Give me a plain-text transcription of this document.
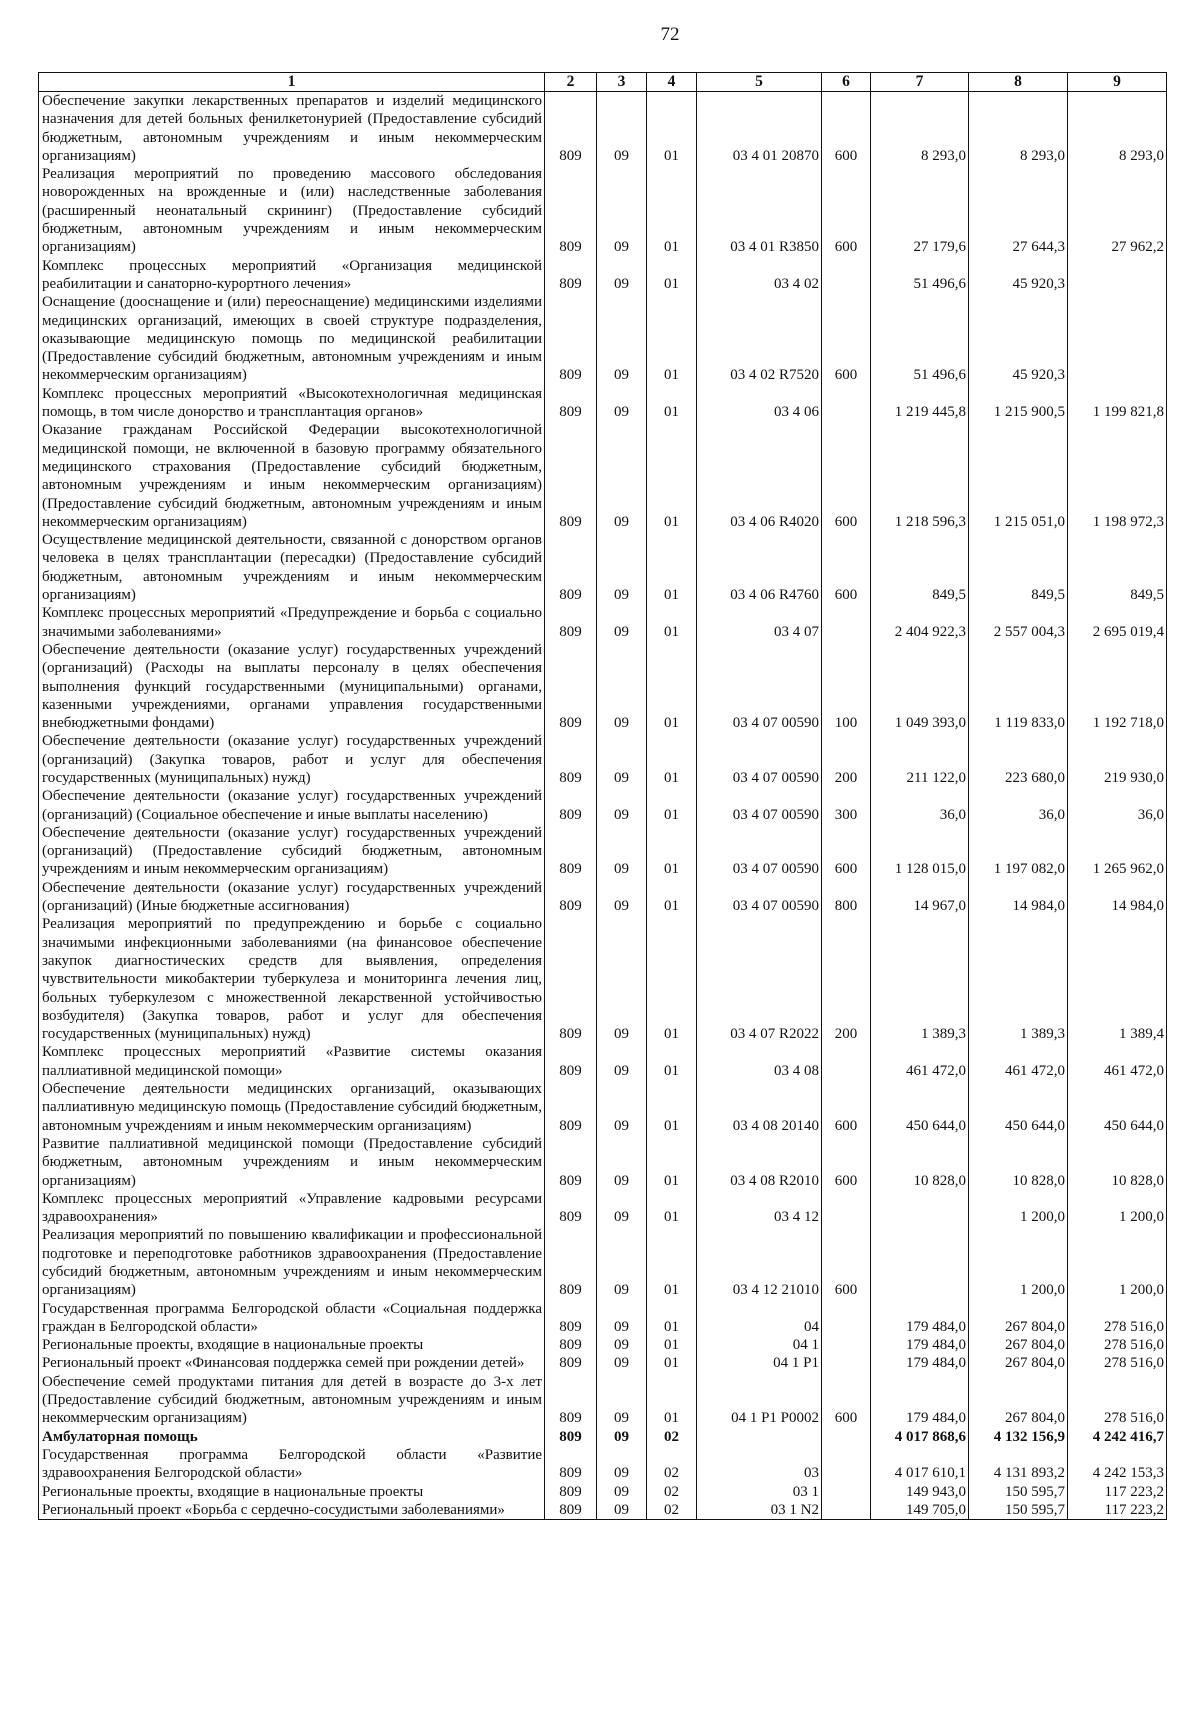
72
1	2	3	4	5	6	7	8	9
Обеспечение закупки лекарственных препаратов и изделий медицинского назначения для детей больных фенилкетонурией (Предоставление субсидий бюджетным, автономным учреждениям и иным некоммерческим организациям)	809	09	01	03 4 01 20870	600	8 293,0	8 293,0	8 293,0
Реализация мероприятий по проведению массового обследования новорожденных на врожденные и (или) наследственные заболевания (расширенный неонатальный скрининг) (Предоставление субсидий бюджетным, автономным учреждениям и иным некоммерческим организациям)	809	09	01	03 4 01 R3850	600	27 179,6	27 644,3	27 962,2
Комплекс процессных мероприятий «Организация медицинской реабилитации и санаторно-курортного лечения»	809	09	01	03 4 02		51 496,6	45 920,3	
Оснащение (дооснащение и (или) переоснащение) медицинскими изделиями медицинских организаций, имеющих в своей структуре подразделения, оказывающие медицинскую помощь по медицинской реабилитации (Предоставление субсидий бюджетным, автономным учреждениям и иным некоммерческим организациям)	809	09	01	03 4 02 R7520	600	51 496,6	45 920,3	
Комплекс процессных мероприятий «Высокотехнологичная медицинская помощь, в том числе донорство и трансплантация органов»	809	09	01	03 4 06		1 219 445,8	1 215 900,5	1 199 821,8
Оказание гражданам Российской Федерации высокотехнологичной медицинской помощи, не включенной в базовую программу обязательного медицинского страхования (Предоставление субсидий бюджетным, автономным учреждениям и иным некоммерческим организациям) (Предоставление субсидий бюджетным, автономным учреждениям и иным некоммерческим организациям)	809	09	01	03 4 06 R4020	600	1 218 596,3	1 215 051,0	1 198 972,3
Осуществление медицинской деятельности, связанной с донорством органов человека в целях трансплантации (пересадки) (Предоставление субсидий бюджетным, автономным учреждениям и иным некоммерческим организациям)	809	09	01	03 4 06 R4760	600	849,5	849,5	849,5
Комплекс процессных мероприятий «Предупреждение и борьба с социально значимыми заболеваниями»	809	09	01	03 4 07		2 404 922,3	2 557 004,3	2 695 019,4
Обеспечение деятельности (оказание услуг) государственных учреждений (организаций) (Расходы на выплаты персоналу в целях обеспечения выполнения функций государственными (муниципальными) органами, казенными учреждениями, органами управления государственными внебюджетными фондами)	809	09	01	03 4 07 00590	100	1 049 393,0	1 119 833,0	1 192 718,0
Обеспечение деятельности (оказание услуг) государственных учреждений (организаций) (Закупка товаров, работ и услуг для обеспечения государственных (муниципальных) нужд)	809	09	01	03 4 07 00590	200	211 122,0	223 680,0	219 930,0
Обеспечение деятельности (оказание услуг) государственных учреждений (организаций) (Социальное обеспечение и иные выплаты населению)	809	09	01	03 4 07 00590	300	36,0	36,0	36,0
Обеспечение деятельности (оказание услуг) государственных учреждений (организаций) (Предоставление субсидий бюджетным, автономным учреждениям и иным некоммерческим организациям)	809	09	01	03 4 07 00590	600	1 128 015,0	1 197 082,0	1 265 962,0
Обеспечение деятельности (оказание услуг) государственных учреждений (организаций) (Иные бюджетные ассигнования)	809	09	01	03 4 07 00590	800	14 967,0	14 984,0	14 984,0
Реализация мероприятий по предупреждению и борьбе с социально значимыми инфекционными заболеваниями (на финансовое обеспечение закупок диагностических средств для выявления, определения чувствительности микобактерии туберкулеза и мониторинга лечения лиц, больных туберкулезом с множественной лекарственной устойчивостью возбудителя) (Закупка товаров, работ и услуг для обеспечения государственных (муниципальных) нужд)	809	09	01	03 4 07 R2022	200	1 389,3	1 389,3	1 389,4
Комплекс процессных мероприятий «Развитие системы оказания паллиативной медицинской помощи»	809	09	01	03 4 08		461 472,0	461 472,0	461 472,0
Обеспечение деятельности медицинских организаций, оказывающих паллиативную медицинскую помощь (Предоставление субсидий бюджетным, автономным учреждениям и иным некоммерческим организациям)	809	09	01	03 4 08 20140	600	450 644,0	450 644,0	450 644,0
Развитие паллиативной медицинской помощи (Предоставление субсидий бюджетным, автономным учреждениям и иным некоммерческим организациям)	809	09	01	03 4 08 R2010	600	10 828,0	10 828,0	10 828,0
Комплекс процессных мероприятий «Управление кадровыми ресурсами здравоохранения»	809	09	01	03 4 12			1 200,0	1 200,0
Реализация мероприятий по повышению квалификации и профессиональной подготовке и переподготовке работников здравоохранения (Предоставление субсидий бюджетным, автономным учреждениям и иным некоммерческим организациям)	809	09	01	03 4 12 21010	600		1 200,0	1 200,0
Государственная программа Белгородской области «Социальная поддержка граждан в Белгородской области»	809	09	01	04		179 484,0	267 804,0	278 516,0
Региональные проекты, входящие в национальные проекты	809	09	01	04 1		179 484,0	267 804,0	278 516,0
Региональный проект «Финансовая поддержка семей при рождении детей»	809	09	01	04 1 P1		179 484,0	267 804,0	278 516,0
Обеспечение семей продуктами питания для детей в возрасте до 3-х лет (Предоставление субсидий бюджетным, автономным учреждениям и иным некоммерческим организациям)	809	09	01	04 1 P1 P0002	600	179 484,0	267 804,0	278 516,0
Амбулаторная помощь	809	09	02			4 017 868,6	4 132 156,9	4 242 416,7
Государственная программа Белгородской области «Развитие здравоохранения Белгородской области»	809	09	02	03		4 017 610,1	4 131 893,2	4 242 153,3
Региональные проекты, входящие в национальные проекты	809	09	02	03 1		149 943,0	150 595,7	117 223,2
Региональный проект «Борьба с сердечно-сосудистыми заболеваниями»	809	09	02	03 1 N2		149 705,0	150 595,7	117 223,2
